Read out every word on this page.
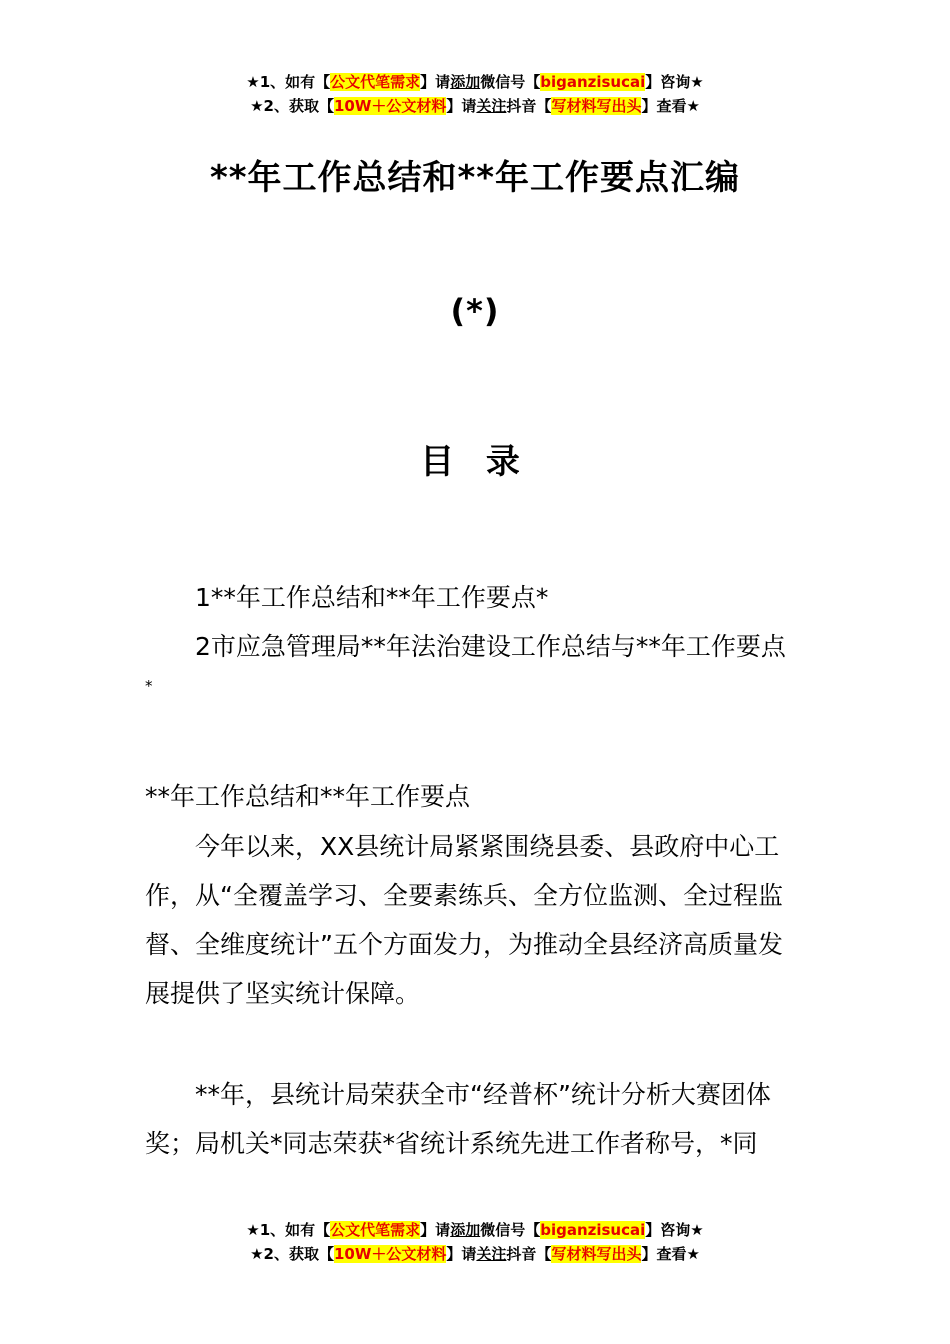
★1、如有【公文代笔需求】请添加微信号【biganzisucai】咨询★
★2、获取【10W＋公文材料】请关注抖音【写材料写出头】查看★
**年工作总结和**年工作要点汇编
(*)
目 录

1**年工作总结和**年工作要点*

2市应急管理局**年法治建设工作总结与**年工作要点

*

**年工作总结和**年工作要点

今年以来，XX县统计局紧紧围绕县委、县政府中心工作，从“全覆盖学习、全要素练兵、全方位监测、全过程监督、全维度统计”五个方面发力，为推动全县经济高质量发展提供了坚实统计保障。

**年，县统计局荣获全市“经普杯”统计分析大赛团体奖；局机关*同志荣获*省统计系统先进工作者称号，*同

★1、如有【公文代笔需求】请添加微信号【biganzisucai】咨询★
★2、获取【10W＋公文材料】请关注抖音【写材料写出头】查看★
